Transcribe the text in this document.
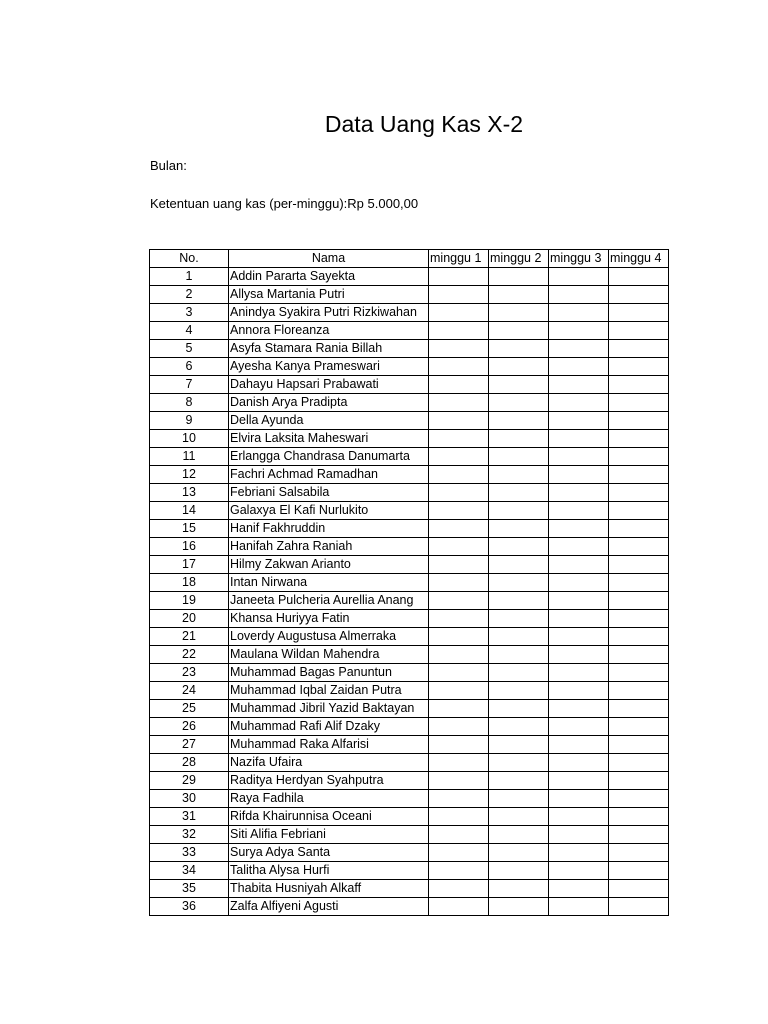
Data Uang Kas X-2
Bulan:
Ketentuan uang kas (per-minggu):Rp 5.000,00
No.	Nama	minggu 1	minggu 2	minggu 3	minggu 4
1	Addin Pararta Sayekta				
2	Allysa Martania Putri				
3	Anindya Syakira Putri Rizkiwahan				
4	Annora Floreanza				
5	Asyfa Stamara Rania Billah				
6	Ayesha Kanya Prameswari				
7	Dahayu Hapsari Prabawati				
8	Danish Arya Pradipta				
9	Della Ayunda				
10	Elvira Laksita Maheswari				
11	Erlangga Chandrasa Danumarta				
12	Fachri Achmad Ramadhan				
13	Febriani Salsabila				
14	Galaxya El Kafi Nurlukito				
15	Hanif Fakhruddin				
16	Hanifah Zahra Raniah				
17	Hilmy Zakwan Arianto				
18	Intan Nirwana				
19	Janeeta Pulcheria Aurellia Anang				
20	Khansa Huriyya Fatin				
21	Loverdy Augustusa Almerraka				
22	Maulana Wildan Mahendra				
23	Muhammad Bagas Panuntun				
24	Muhammad Iqbal Zaidan Putra				
25	Muhammad Jibril Yazid Baktayan				
26	Muhammad Rafi Alif Dzaky				
27	Muhammad Raka Alfarisi				
28	Nazifa Ufaira				
29	Raditya Herdyan Syahputra				
30	Raya Fadhila				
31	Rifda Khairunnisa Oceani				
32	Siti Alifia Febriani				
33	Surya Adya Santa				
34	Talitha Alysa Hurfi				
35	Thabita Husniyah Alkaff				
36	Zalfa Alfiyeni Agusti				
